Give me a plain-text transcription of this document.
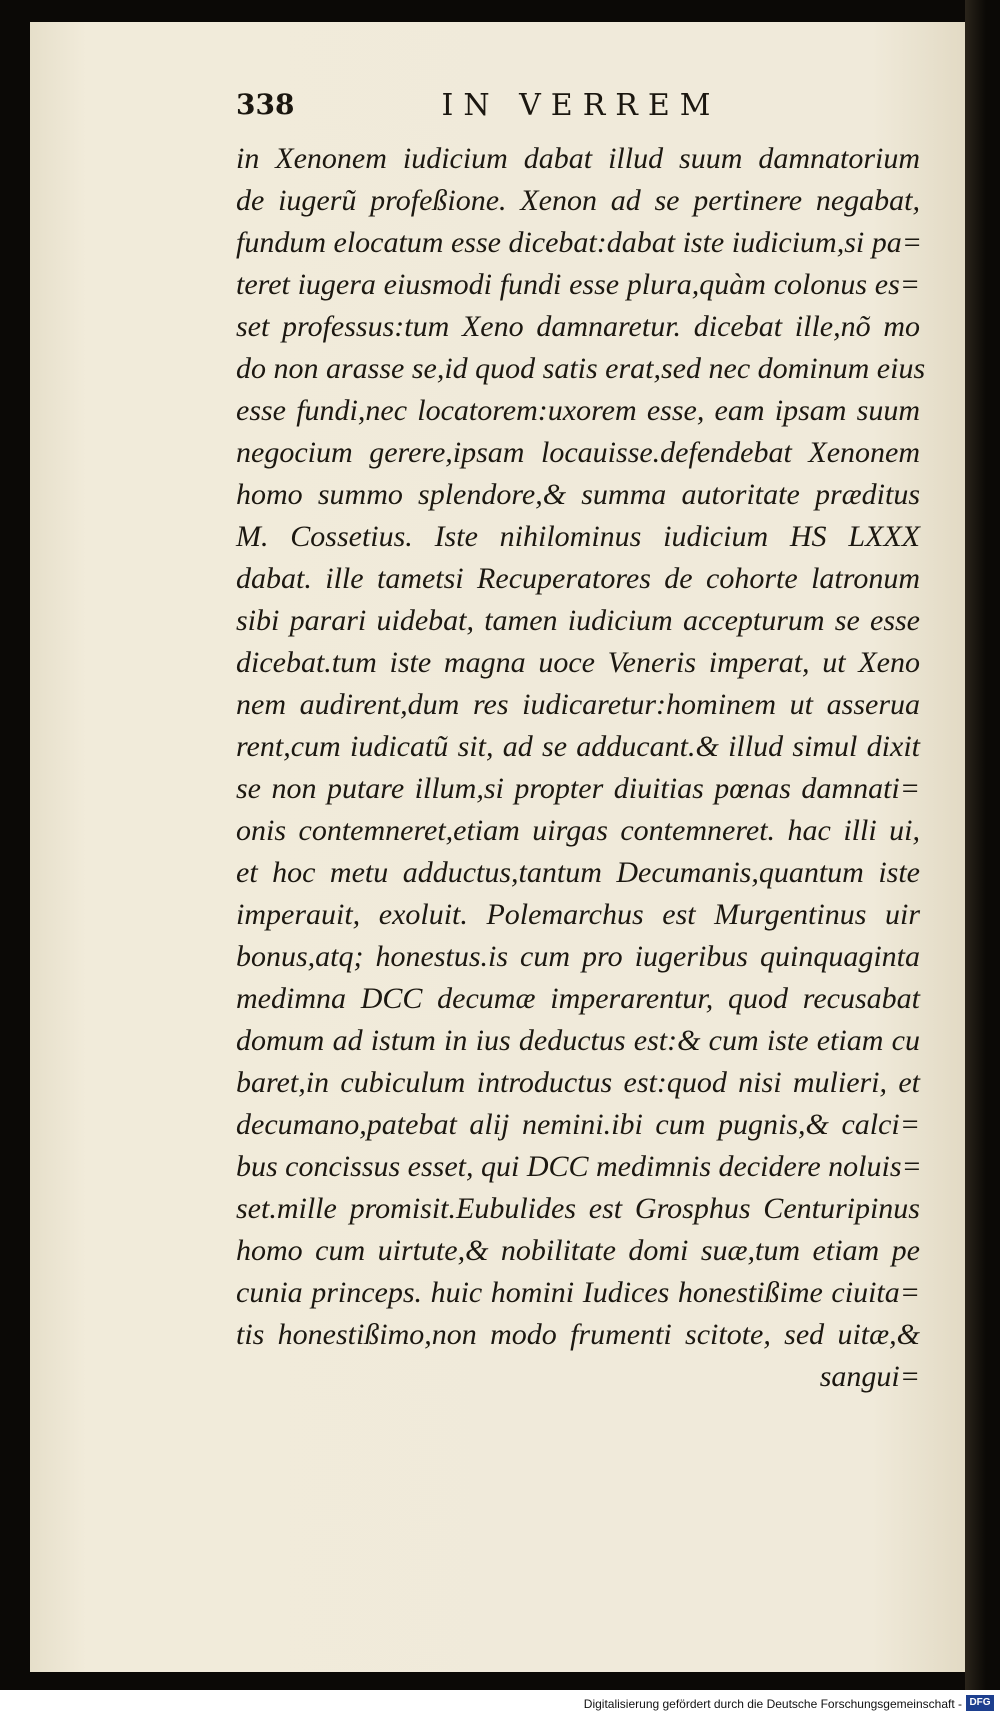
338	IN VERREM
in Xenonem iudicium dabat illud suum damnatorium
de iugerũ profeßione. Xenon ad se pertinere negabat,
fundum elocatum esse dicebat:dabat iste iudicium,si pa=
teret iugera eiusmodi fundi esse plura,quàm colonus es=
set professus:tum Xeno damnaretur. dicebat ille,nõ mo
do non arasse se,id quod satis erat,sed nec dominum eius
esse fundi,nec locatorem:uxorem esse, eam ipsam suum
negocium gerere,ipsam locauisse.defendebat Xenonem
homo summo splendore,& summa autoritate præditus
M. Cossetius. Iste nihilominus iudicium HS LXXX
dabat. ille tametsi Recuperatores de cohorte latronum
sibi parari uidebat, tamen iudicium accepturum se esse
dicebat.tum iste magna uoce Veneris imperat, ut Xeno
nem audirent,dum res iudicaretur:hominem ut asserua
rent,cum iudicatũ sit, ad se adducant.& illud simul dixit
se non putare illum,si propter diuitias pœnas damnati=
onis contemneret,etiam uirgas contemneret. hac illi ui,
et hoc metu adductus,tantum Decumanis,quantum iste
imperauit, exoluit. Polemarchus est Murgentinus uir
bonus,atq; honestus.is cum pro iugeribus quinquaginta
medimna DCC decumæ imperarentur, quod recusabat
domum ad istum in ius deductus est:& cum iste etiam cu
baret,in cubiculum introductus est:quod nisi mulieri, et
decumano,patebat alij nemini.ibi cum pugnis,& calci=
bus concissus esset, qui DCC medimnis decidere noluis=
set.mille promisit.Eubulides est Grosphus Centuripinus
homo cum uirtute,& nobilitate domi suæ,tum etiam pe
cunia princeps. huic homini Iudices honestißime ciuita=
tis honestißimo,non modo frumenti scitote, sed uitæ,&
sangui=
Digitalisierung gefördert durch die Deutsche Forschungsgemeinschaft - DFG
